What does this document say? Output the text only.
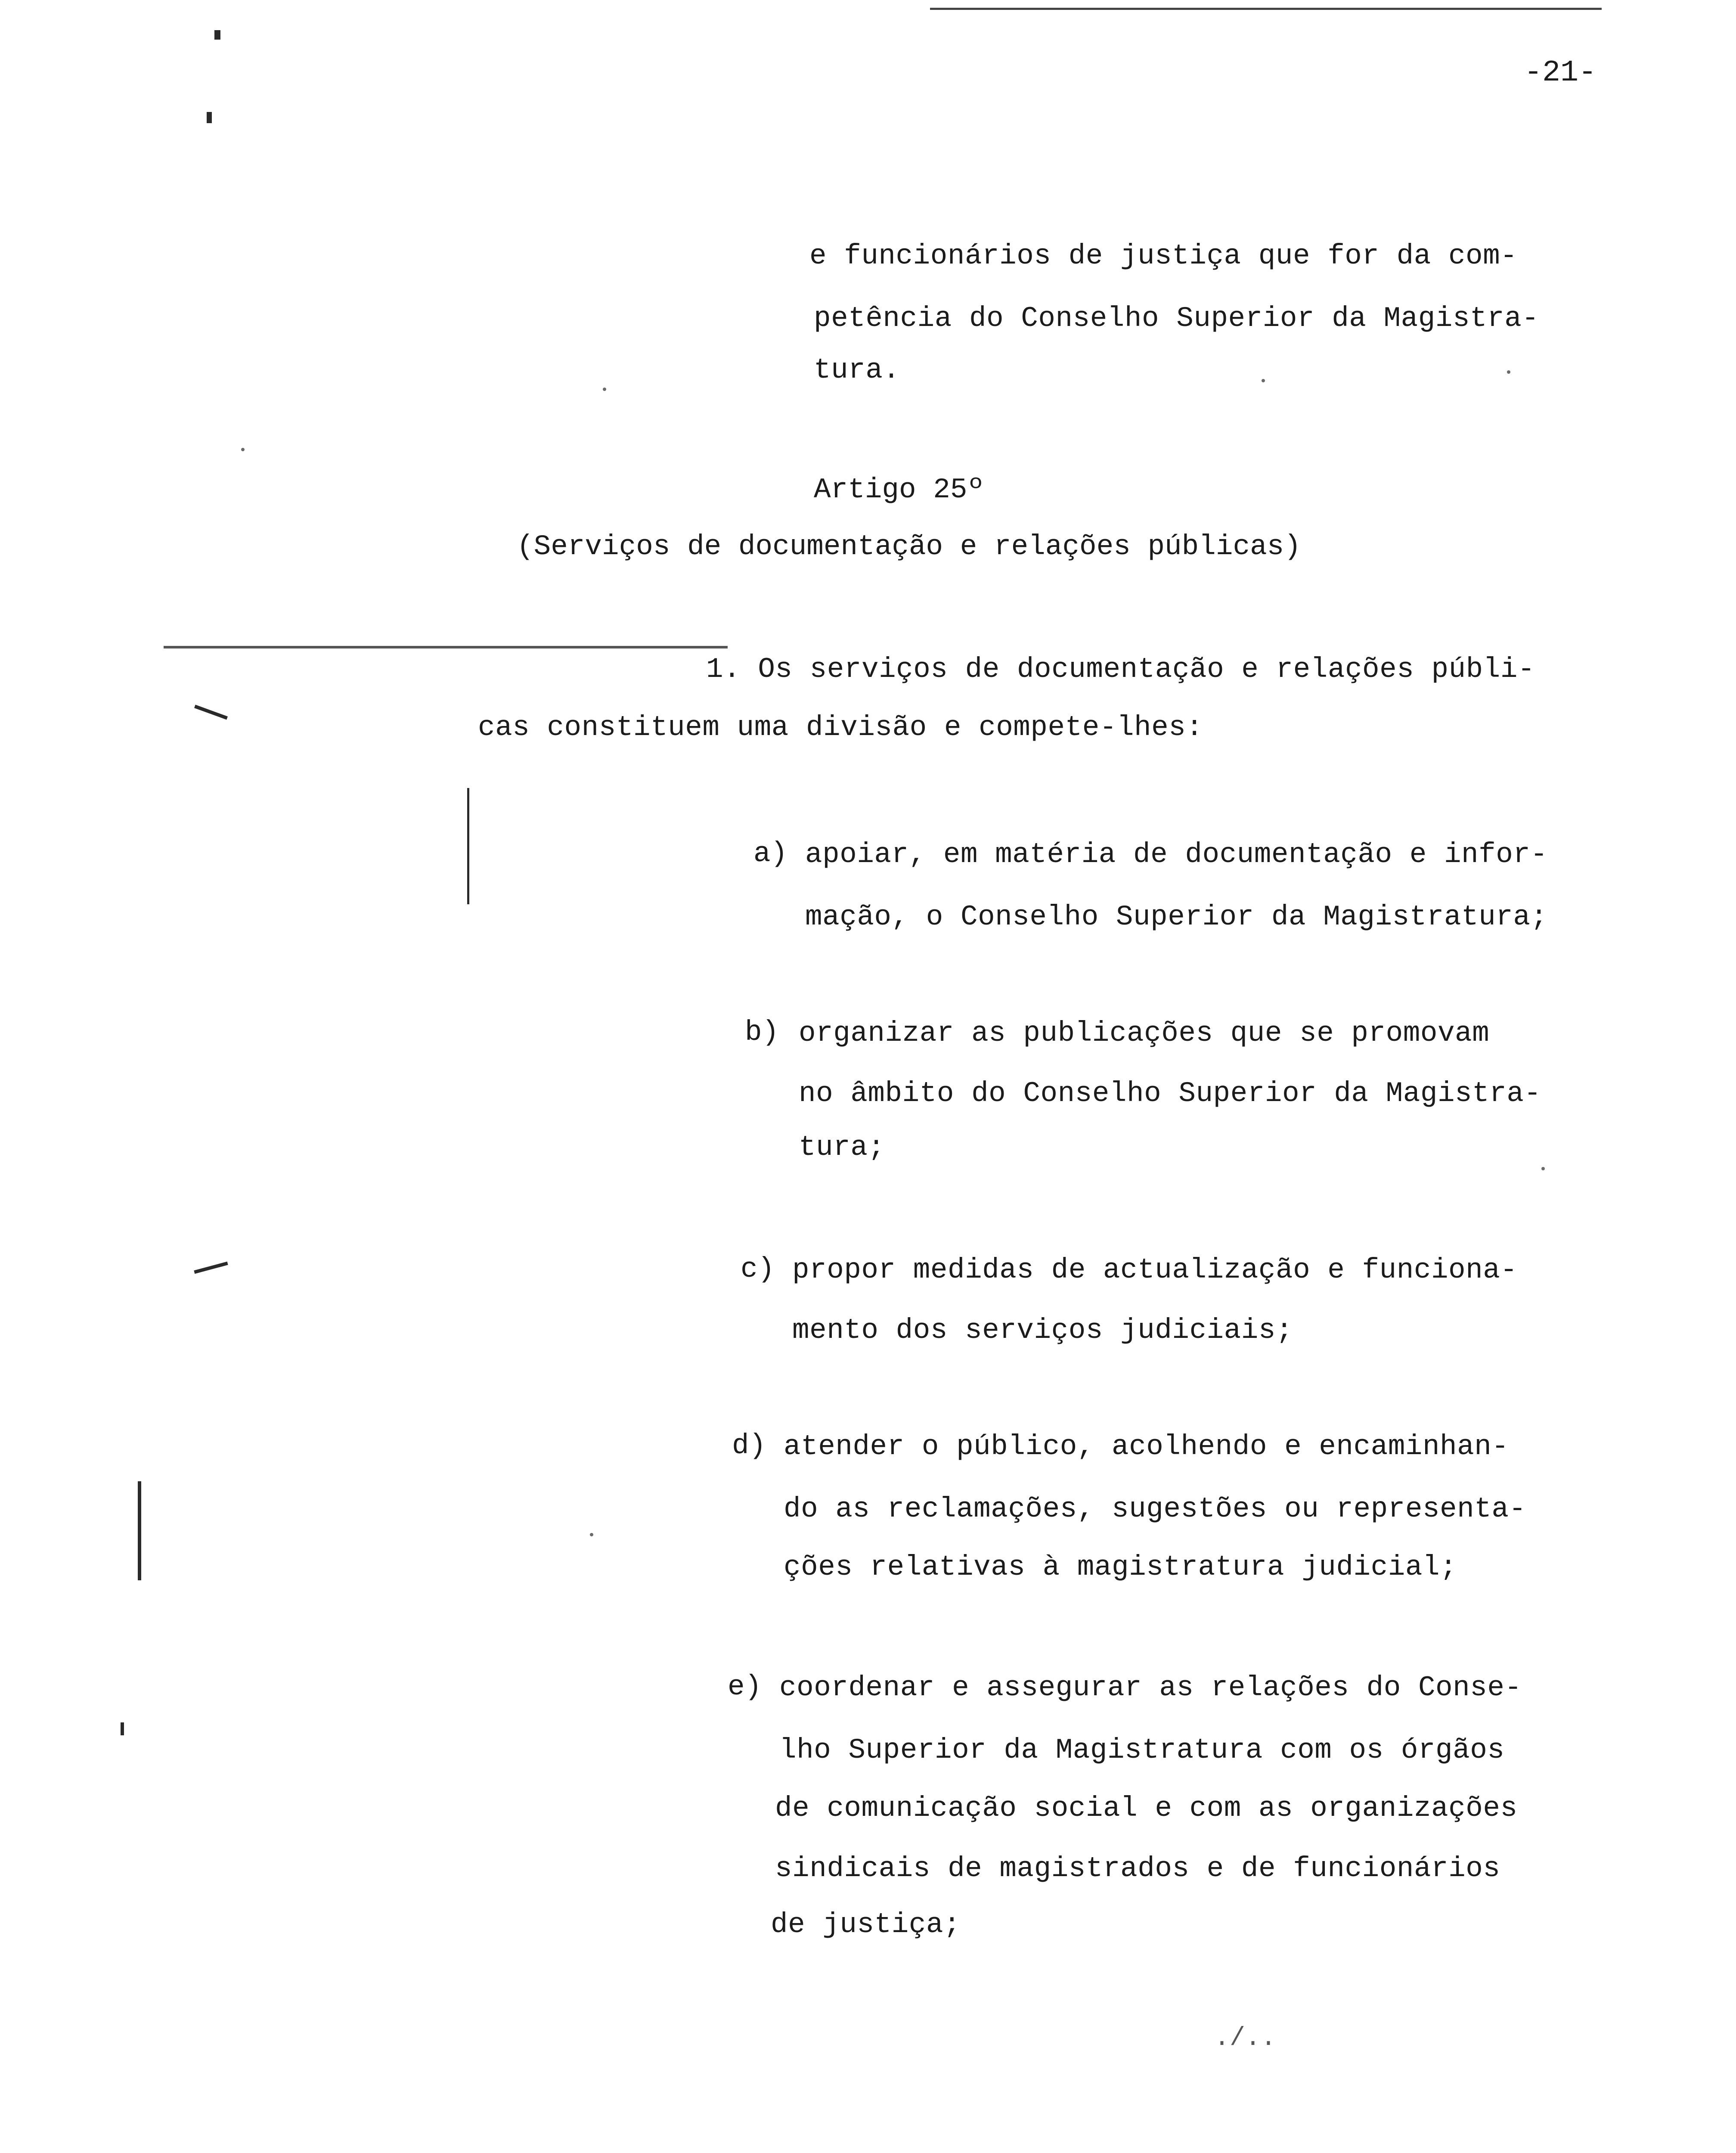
-21-
e funcionários de justiça que for da com-
petência do Conselho Superior da Magistra-
tura.
Artigo 25º
(Serviços de documentação e relações públicas)
1. Os serviços de documentação e relações públi-
cas constituem uma divisão e compete-lhes:
a) apoiar, em matéria de documentação e infor-
mação, o Conselho Superior da Magistratura;
b) organizar as publicações que se promovam
no âmbito do Conselho Superior da Magistra-
tura;
c) propor medidas de actualização e funciona-
mento dos serviços judiciais;
d) atender o público, acolhendo e encaminhan-
do as reclamações, sugestões ou representa-
ções relativas à magistratura judicial;
e) coordenar e assegurar as relações do Conse-
lho Superior da Magistratura com os órgãos
de comunicação social e com as organizações
sindicais de magistrados e de funcionários
de justiça;
./..
